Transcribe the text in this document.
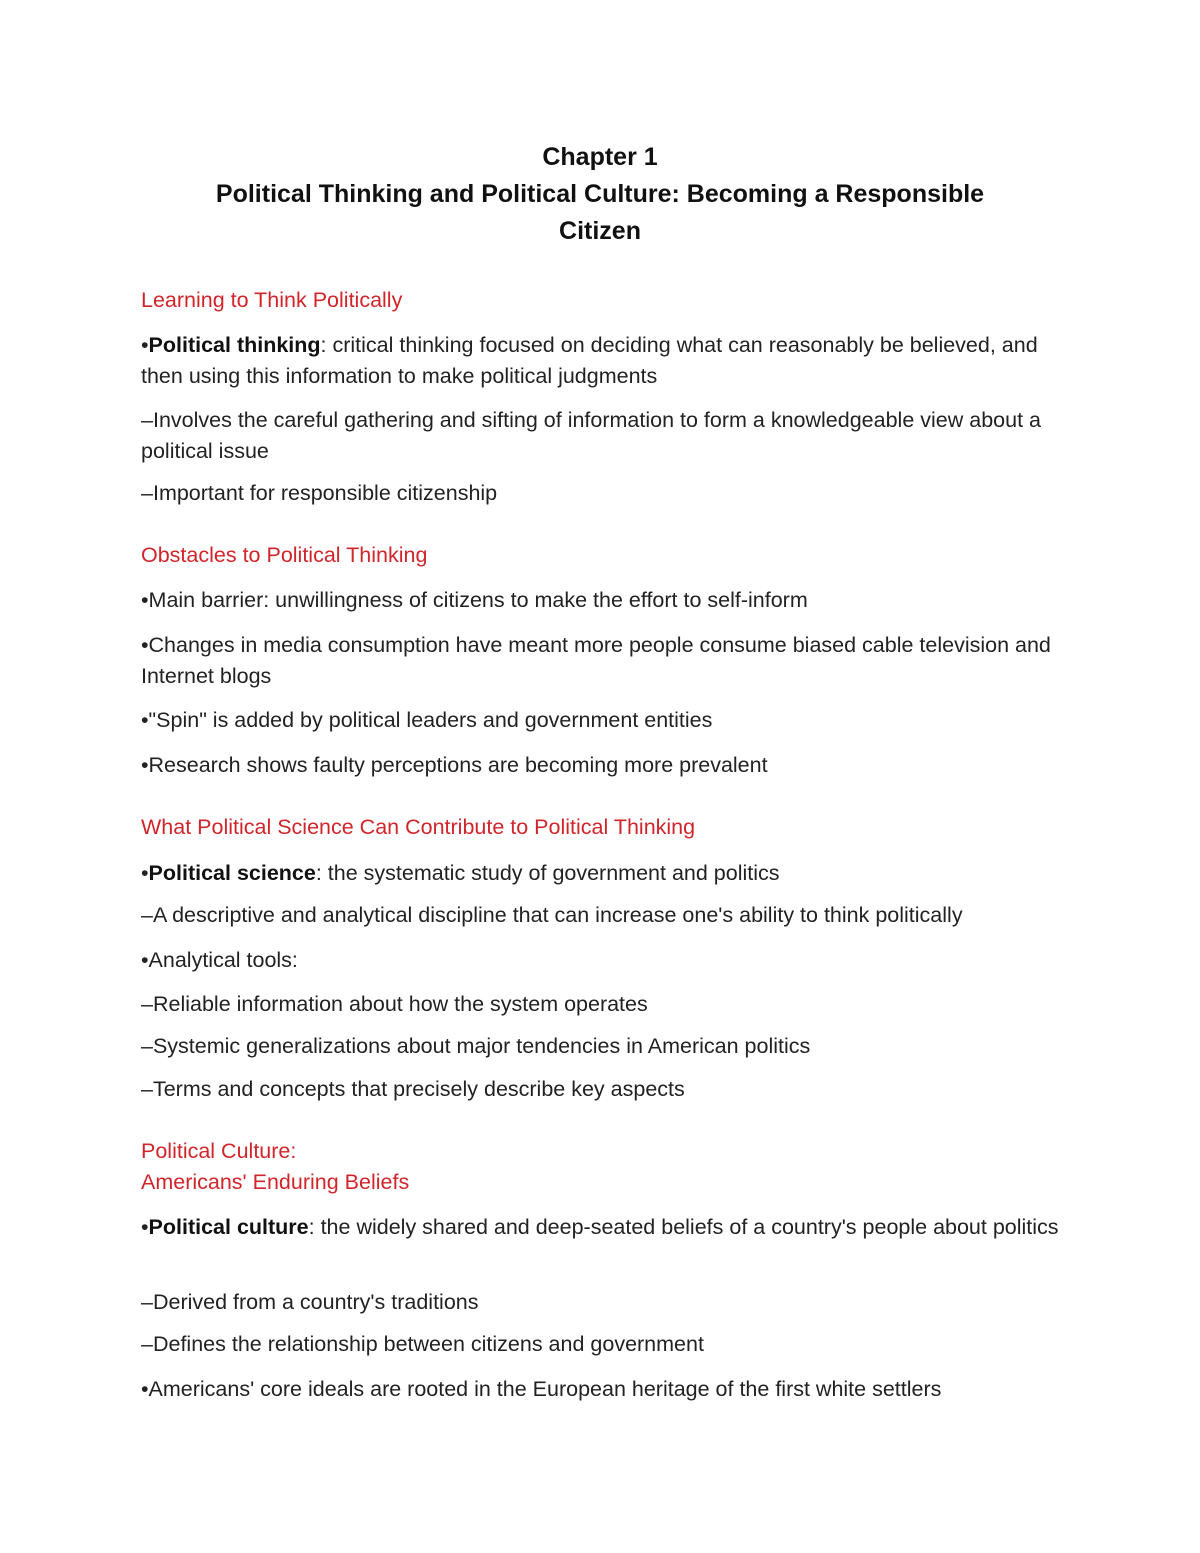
Chapter 1
Political Thinking and Political Culture: Becoming a Responsible
Citizen
Learning to Think Politically
•Political thinking: critical thinking focused on deciding what can reasonably be believed, and then using this information to make political judgments
–Involves the careful gathering and sifting of information to form a knowledgeable view about a political issue
–Important for responsible citizenship
Obstacles to Political Thinking
•Main barrier: unwillingness of citizens to make the effort to self-inform
•Changes in media consumption have meant more people consume biased cable television and Internet blogs
•"Spin" is added by political leaders and government entities
•Research shows faulty perceptions are becoming more prevalent
What Political Science Can Contribute to Political Thinking
•Political science: the systematic study of government and politics
–A descriptive and analytical discipline that can increase one's ability to think politically
•Analytical tools:
–Reliable information about how the system operates
–Systemic generalizations about major tendencies in American politics
–Terms and concepts that precisely describe key aspects
Political Culture:
Americans' Enduring Beliefs
•Political culture: the widely shared and deep-seated beliefs of a country's people about politics
–Derived from a country's traditions
–Defines the relationship between citizens and government
•Americans' core ideals are rooted in the European heritage of the first white settlers
